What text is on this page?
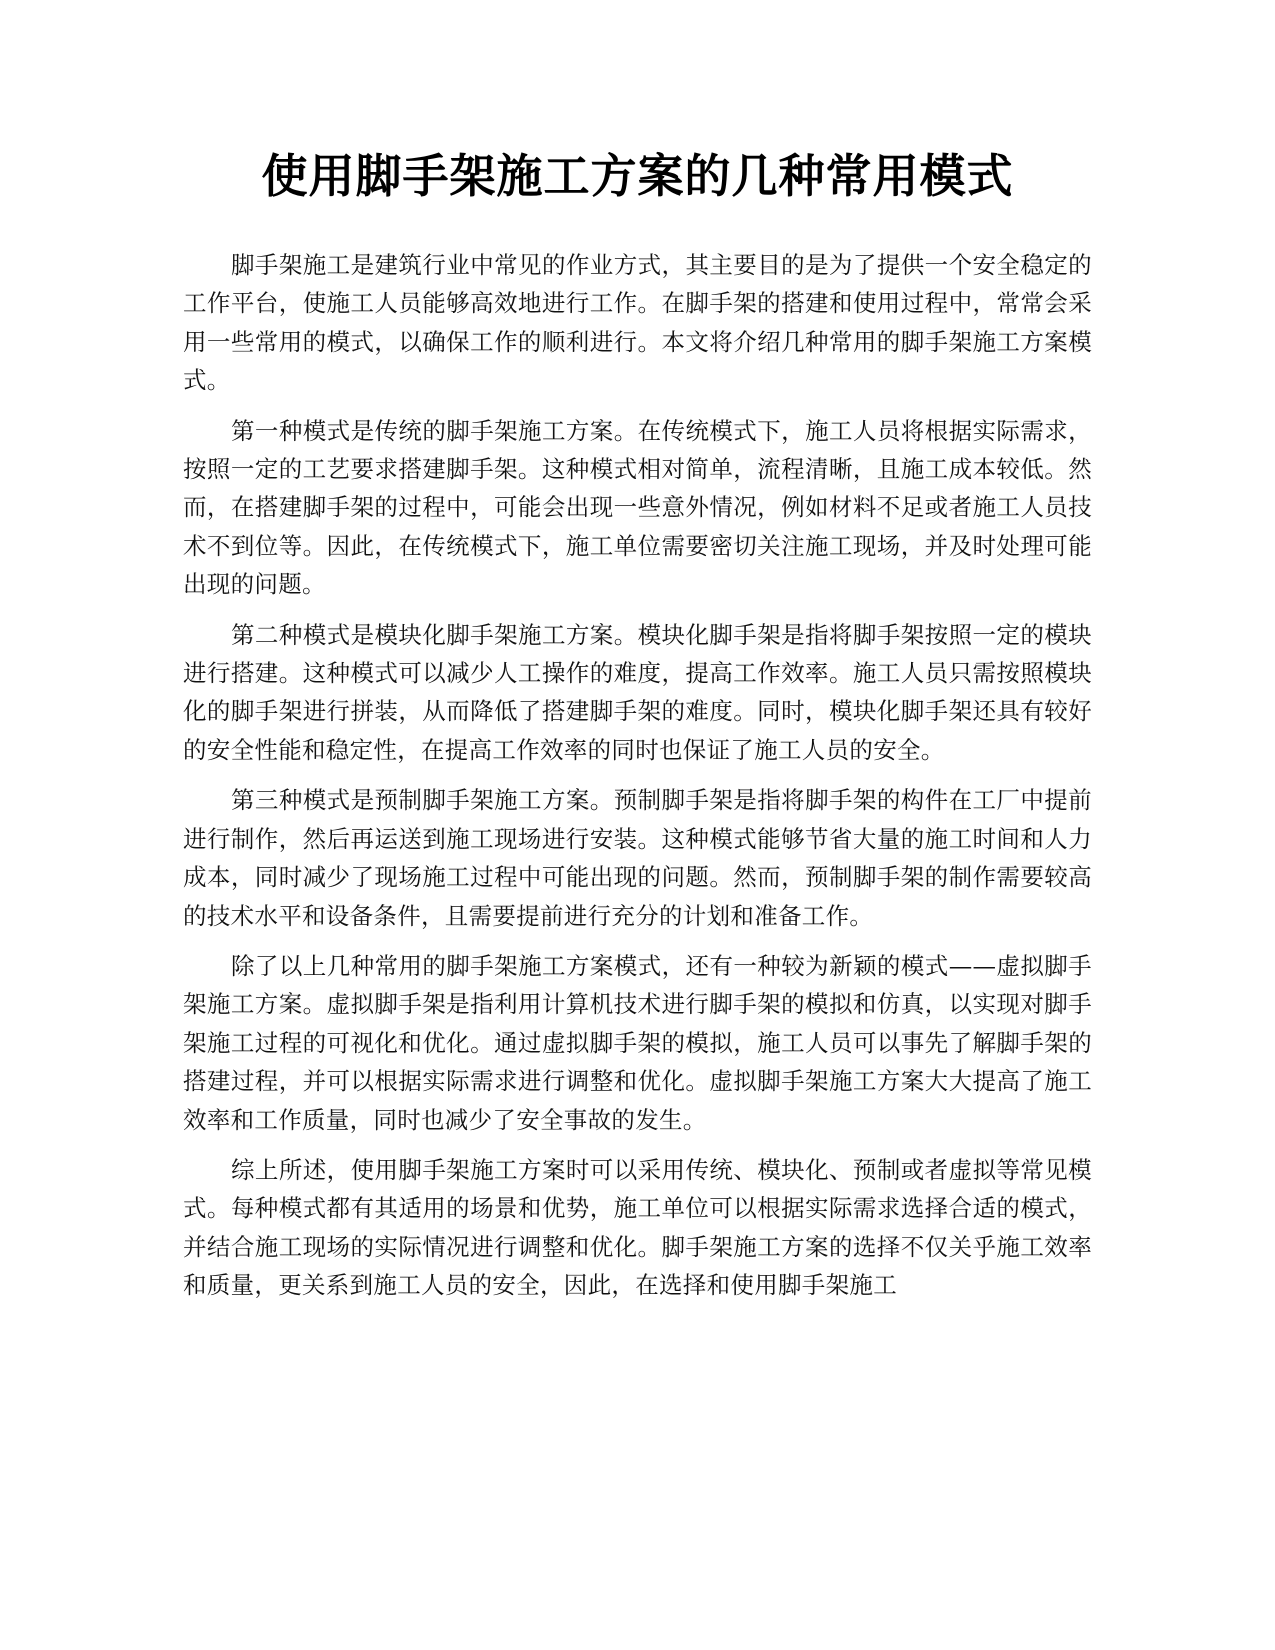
使用脚手架施工方案的几种常用模式

脚手架施工是建筑行业中常见的作业方式，其主要目的是为了提供一个安全稳定的工作平台，使施工人员能够高效地进行工作。在脚手架的搭建和使用过程中，常常会采用一些常用的模式，以确保工作的顺利进行。本文将介绍几种常用的脚手架施工方案模式。

第一种模式是传统的脚手架施工方案。在传统模式下，施工人员将根据实际需求，按照一定的工艺要求搭建脚手架。这种模式相对简单，流程清晰，且施工成本较低。然而，在搭建脚手架的过程中，可能会出现一些意外情况，例如材料不足或者施工人员技术不到位等。因此，在传统模式下，施工单位需要密切关注施工现场，并及时处理可能出现的问题。

第二种模式是模块化脚手架施工方案。模块化脚手架是指将脚手架按照一定的模块进行搭建。这种模式可以减少人工操作的难度，提高工作效率。施工人员只需按照模块化的脚手架进行拼装，从而降低了搭建脚手架的难度。同时，模块化脚手架还具有较好的安全性能和稳定性，在提高工作效率的同时也保证了施工人员的安全。

第三种模式是预制脚手架施工方案。预制脚手架是指将脚手架的构件在工厂中提前进行制作，然后再运送到施工现场进行安装。这种模式能够节省大量的施工时间和人力成本，同时减少了现场施工过程中可能出现的问题。然而，预制脚手架的制作需要较高的技术水平和设备条件，且需要提前进行充分的计划和准备工作。

除了以上几种常用的脚手架施工方案模式，还有一种较为新颖的模式——虚拟脚手架施工方案。虚拟脚手架是指利用计算机技术进行脚手架的模拟和仿真，以实现对脚手架施工过程的可视化和优化。通过虚拟脚手架的模拟，施工人员可以事先了解脚手架的搭建过程，并可以根据实际需求进行调整和优化。虚拟脚手架施工方案大大提高了施工效率和工作质量，同时也减少了安全事故的发生。

综上所述，使用脚手架施工方案时可以采用传统、模块化、预制或者虚拟等常见模式。每种模式都有其适用的场景和优势，施工单位可以根据实际需求选择合适的模式，并结合施工现场的实际情况进行调整和优化。脚手架施工方案的选择不仅关乎施工效率和质量，更关系到施工人员的安全，因此，在选择和使用脚手架施工
